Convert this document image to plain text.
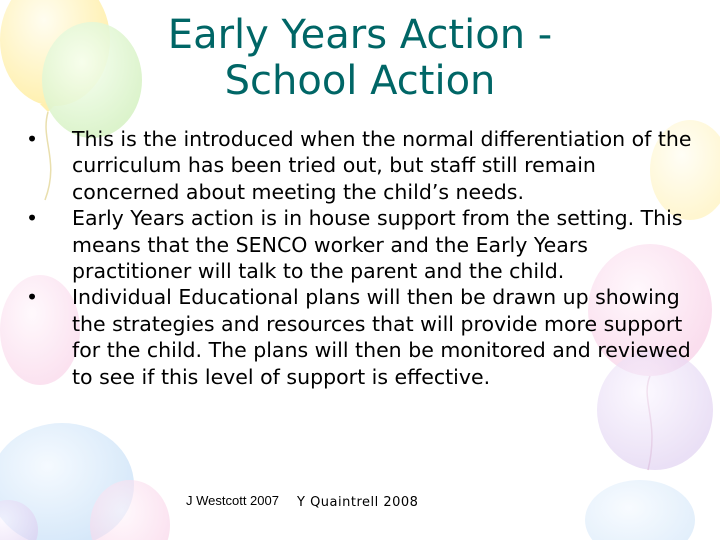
Early Years Action -
School Action
•	This is the introduced when the normal differentiation of the curriculum has been tried out, but staff still remain concerned about meeting the child’s needs.
•	Early Years action is in house support from the setting. This means that the SENCO worker and the Early Years practitioner will talk to the parent and the child.
•	Individual Educational plans will then be drawn up showing the strategies and resources that will provide more support for the child. The plans will then be monitored and reviewed to see if this level of support is effective.
J Westcott 2007 Y Quaintrell 2008
